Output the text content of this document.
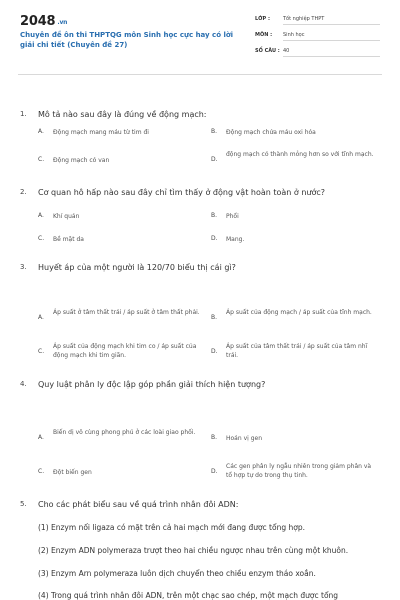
2048 .vn
Chuyên đề ôn thi THPTQG môn Sinh học cực hay có lời giải chi tiết (Chuyên đề 27)
LỚP :	Tốt nghiệp THPT
MÔN : Sinh học
SỐ CÂU : 40
1. Mô tả nào sau đây là đúng về động mạch:
A. Động mạch mang máu từ tim đi	B. Động mạch chứa máu oxi hóa
C. Động mạch có van	D.
động mạch có thành mỏng hơn so với tĩnh mạch.
2. Cơ quan hô hấp nào sau đây chỉ tìm thấy ở động vật hoàn toàn ở nước?
A. Khí quản	B. Phổi
C. Bề mặt da	D. Mang.
3. Huyết áp của một người là 120/70 biểu thị cái gì?
A.
Áp suất ở tâm thất trái / áp suất ở tâm thất phải.
B.
Áp suất của động mạch / áp suất của tĩnh mạch.
C.
Áp suất của động mạch khi tim co / áp suất của động mạch khi tim giãn.
D.
Áp suất của tâm thất trái / áp suất của tâm nhĩ trái.
4. Quy luật phân ly độc lập góp phần giải thích hiện tượng?
A.
Biến dị vô cùng phong phú ở các loài giao phối.
B. Hoán vị gen
C. Đột biến gen	D.
Các gen phân ly ngẫu nhiên trong giảm phân và tổ hợp tự do trong thụ tinh.
5. Cho các phát biểu sau về quá trình nhân đôi ADN:
(1) Enzym nối ligaza có mặt trên cả hai mạch mới đang được tổng hợp.
(2) Enzym ADN polymeraza trượt theo hai chiều ngược nhau trên cùng một khuôn.
(3) Enzym Arn polymeraza luôn dịch chuyển theo chiều enzym tháo xoắn.
(4) Trong quá trình nhân đôi ADN, trên một chạc sao chép, một mạch được tổng
